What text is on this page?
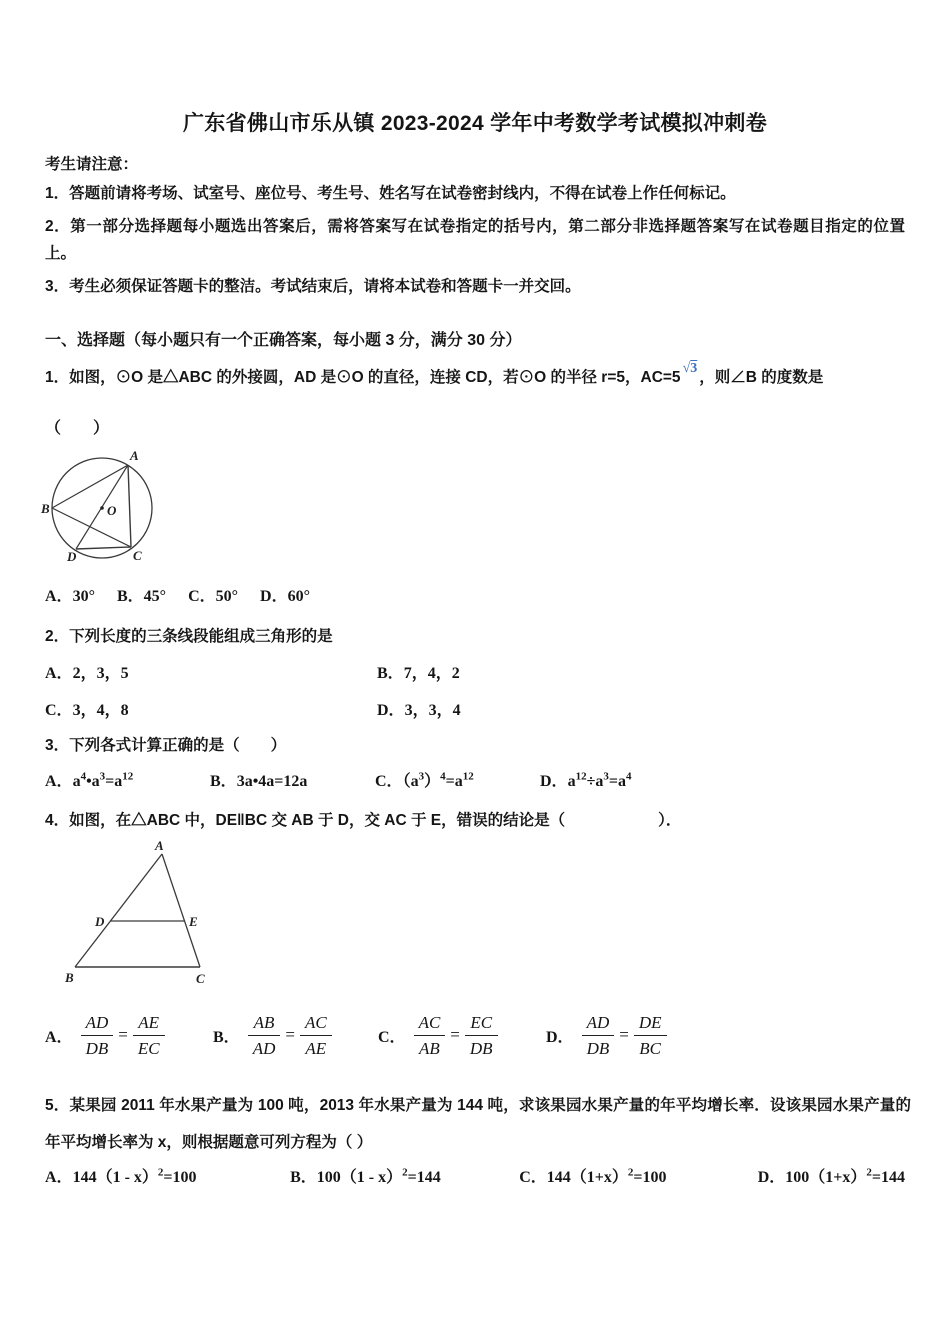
广东省佛山市乐从镇 2023-2024 学年中考数学考试模拟冲刺卷

考生请注意：

1．答题前请将考场、试室号、座位号、考生号、姓名写在试卷密封线内，不得在试卷上作任何标记。

2．第一部分选择题每小题选出答案后，需将答案写在试卷指定的括号内，第二部分非选择题答案写在试卷题目指定的位置上。

3．考生必须保证答题卡的整洁。考试结束后，请将本试卷和答题卡一并交回。

一、选择题（每小题只有一个正确答案，每小题 3 分，满分 30 分）

1．如图，⊙O 是△ABC 的外接圆，AD 是⊙O 的直径，连接 CD，若⊙O 的半径 r=5，AC=5√3，则∠B 的度数是

（　　）

A
B
C
D
O
A．30° B．45° C．50° D．60°

2．下列长度的三条线段能组成三角形的是

A．2，3，5	B．7，4，2
C．3，4，8	D．3，3，4

3．下列各式计算正确的是（　　）

A．$a^4•a^3=a^{12}$	B．3a•4a=12a	C．$(a^3)^4=a^{12}$	D．$a^{12}\div a^3=a^4$

4．如图，在△ABC 中，DE‖BC 交 AB 于 D，交 AC 于 E，错误的结论是（　　　　　　）．

A
B	C
D	E
A． $\frac{AD}{DB} = \frac{AE}{EC}$	B． $\frac{AB}{AD} = \frac{AC}{AE}$	C． $\frac{AC}{AB} = \frac{EC}{DB}$	D． $\frac{AD}{DB} = \frac{DE}{BC}$

5．某果园 2011 年水果产量为 100 吨，2013 年水果产量为 144 吨，求该果园水果产量的年平均增长率．设该果园水果产量的年平均增长率为 x，则根据题意可列方程为（ ）

A．144（1 - x）$^2$=100	B．100（1 - x）$^2$=144	C．$144(1+x)^2=100$	D．$100(1+x)^2=144$
